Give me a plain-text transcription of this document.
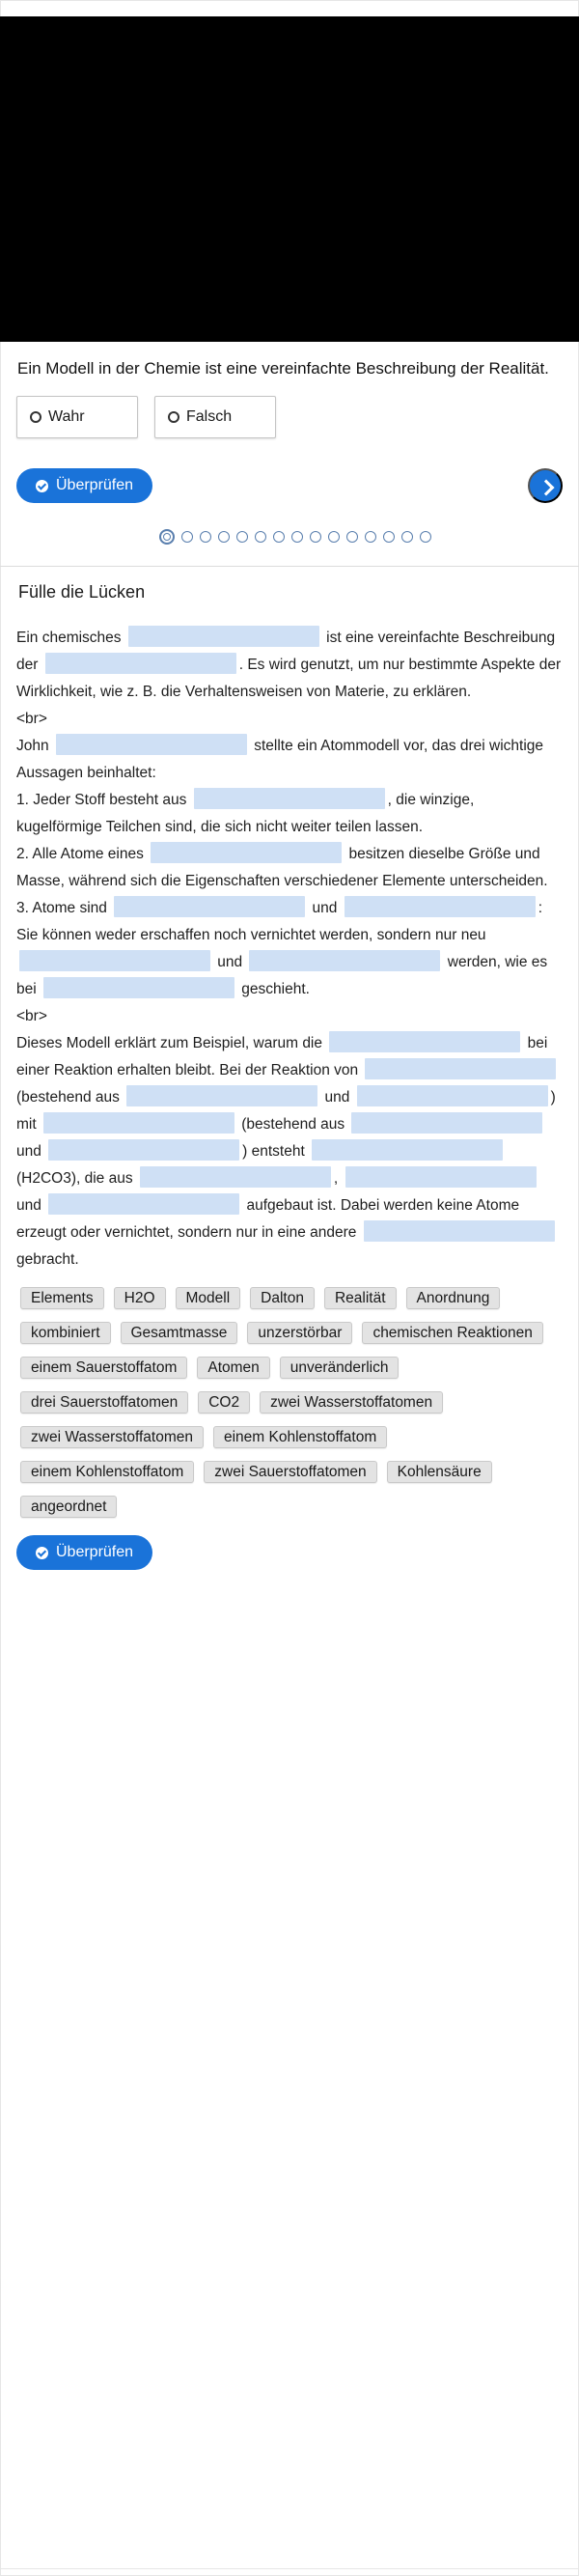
Ein Modell in der Chemie ist eine vereinfachte Beschreibung der Realität.
Wahr	Falsch
Überprüfen
Fülle die Lücken

Ein chemisches	ist eine vereinfachte Beschreibung der	. Es wird genutzt, um nur bestimmte Aspekte der Wirklichkeit, wie z. B. die Verhaltensweisen von Materie, zu erklären.

<br>

John	stellte ein Atommodell vor, das drei wichtige Aussagen beinhaltet:

1. Jeder Stoff besteht aus	, die winzige, kugelförmige Teilchen sind, die sich nicht weiter teilen lassen.

2. Alle Atome eines	besitzen dieselbe Größe und Masse, während sich die Eigenschaften verschiedener Elemente unterscheiden.

3. Atome sind	und	: Sie können weder erschaffen noch vernichtet werden, sondern nur neu  und	werden, wie es bei	geschieht.

<br>

Dieses Modell erklärt zum Beispiel, warum die	bei einer Reaktion erhalten bleibt. Bei der Reaktion von  (bestehend aus	und	) mit	(bestehend aus  und	) entsteht  (H2CO3), die aus	,  und	aufgebaut ist. Dabei werden keine Atome erzeugt oder vernichtet, sondern nur in eine andere  gebracht.

Elements	H2O	Modell	Dalton	Realität	Anordnung
kombiniert	Gesamtmasse	unzerstörbar	chemischen Reaktionen
einem Sauerstoffatom	Atomen	unveränderlich
drei Sauerstoffatomen	CO2	zwei Wasserstoffatomen
zwei Wasserstoffatomen	einem Kohlenstoffatom
einem Kohlenstoffatom	zwei Sauerstoffatomen	Kohlensäure
angeordnet
Überprüfen
